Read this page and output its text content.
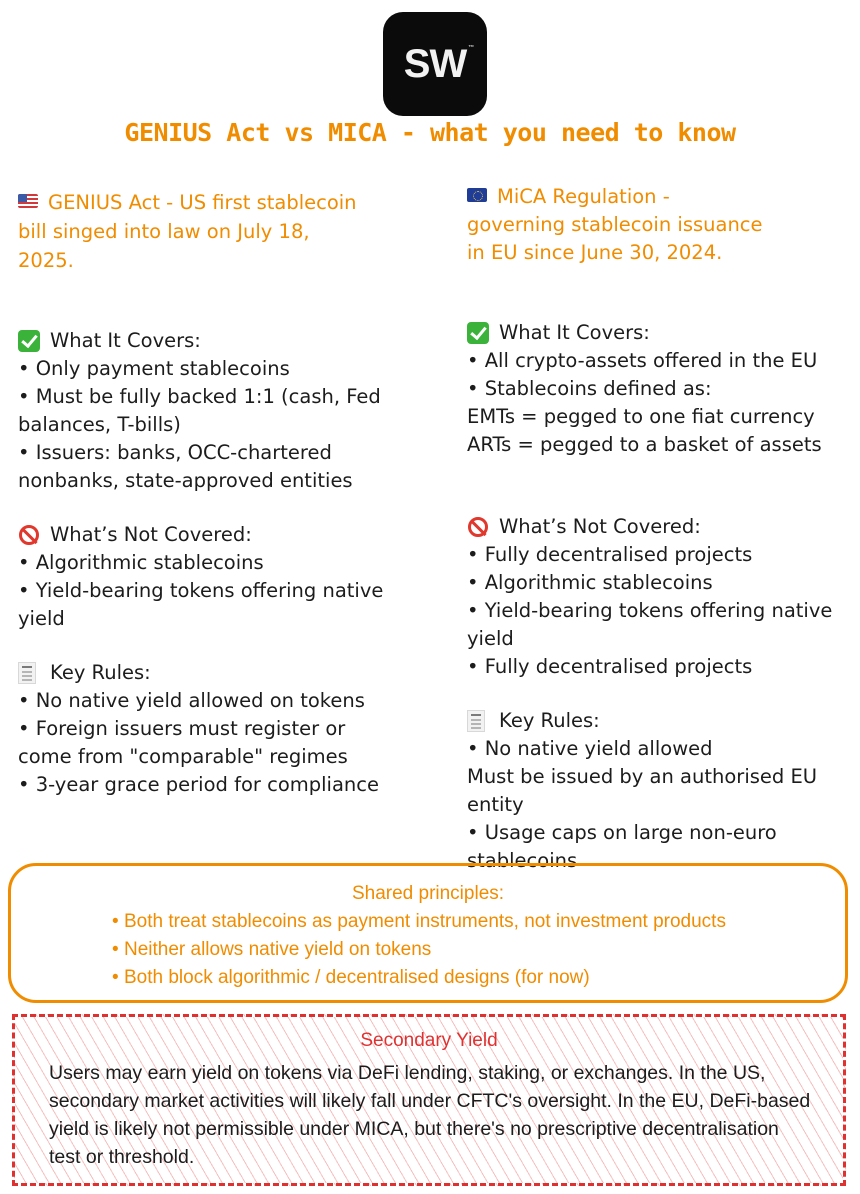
SW ™
GENIUS Act vs MICA - what you need to know
GENIUS Act - US first stablecoin
bill singed into law on July 18,
2025.
What It Covers:
• Only payment stablecoins
• Must be fully backed 1:1 (cash, Fed
balances, T-bills)
• Issuers: banks, OCC-chartered
nonbanks, state-approved entities
What’s Not Covered:
• Algorithmic stablecoins
• Yield-bearing tokens offering native
yield
Key Rules:
• No native yield allowed on tokens
• Foreign issuers must register or
come from "comparable" regimes
• 3-year grace period for compliance
MiCA Regulation -
governing stablecoin issuance
in EU since June 30, 2024.
What It Covers:
• All crypto-assets offered in the EU
• Stablecoins defined as:
EMTs = pegged to one fiat currency
ARTs = pegged to a basket of assets
What’s Not Covered:
• Fully decentralised projects
• Algorithmic stablecoins
• Yield-bearing tokens offering native
yield
• Fully decentralised projects
Key Rules:
• No native yield allowed
Must be issued by an authorised EU
entity
• Usage caps on large non-euro
stablecoins
Shared principles:
• Both treat stablecoins as payment instruments, not investment products
• Neither allows native yield on tokens
• Both block algorithmic / decentralised designs (for now)
Secondary Yield
Users may earn yield on tokens via DeFi lending, staking, or exchanges. In the US, secondary market activities will likely fall under CFTC's oversight. In the EU, DeFi-based yield is likely not permissible under MICA, but there's no prescriptive decentralisation test or threshold.
